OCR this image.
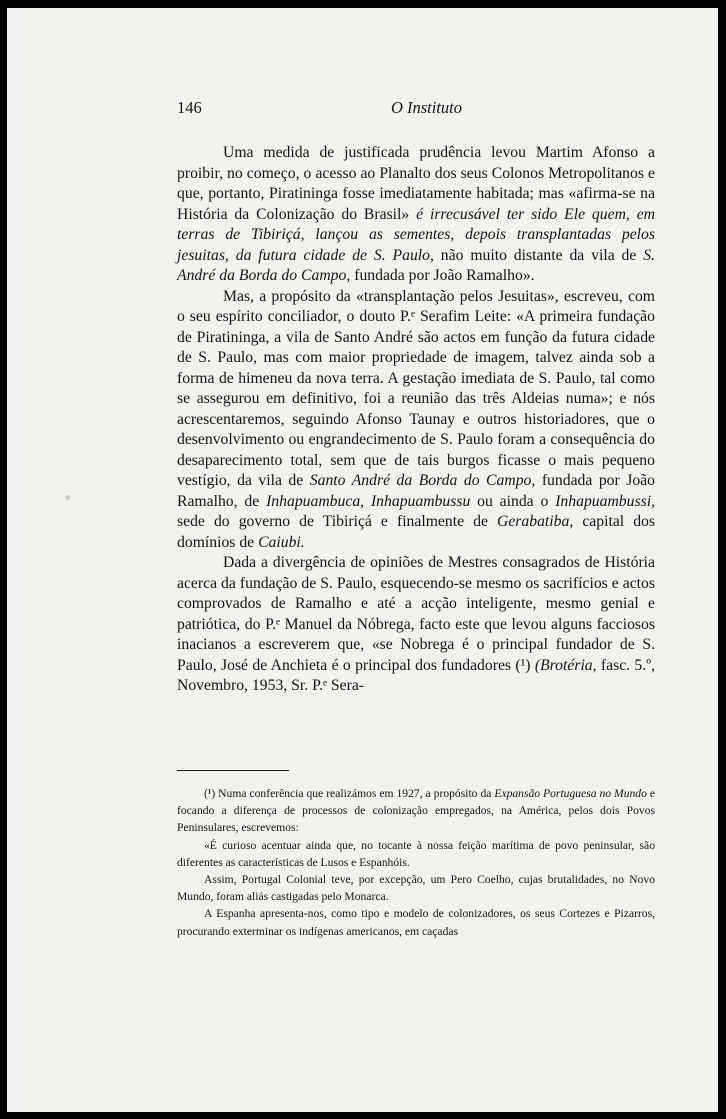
146	O Instituto

Uma medida de justificada prudência levou Martim Afonso a proibir, no começo, o acesso ao Planalto dos seus Colonos Metropolitanos e que, portanto, Piratininga fosse imediatamente habitada; mas «afirma-se na História da Colonização do Brasil» é irrecusável ter sido Ele quem, em terras de Tibiriçá, lançou as sementes, depois transplantadas pelos jesuitas, da futura cidade de S. Paulo, não muito distante da vila de S. André da Borda do Campo, fundada por João Ramalho».

Mas, a propósito da «transplantação pelos Jesuitas», escreveu, com o seu espírito conciliador, o douto P.ᵉ Serafim Leite: «A primeira fundação de Piratininga, a vila de Santo André são actos em função da futura cidade de S. Paulo, mas com maior propriedade de imagem, talvez ainda sob a forma de himeneu da nova terra. A gestação imediata de S. Paulo, tal como se assegurou em definitivo, foi a reunião das três Aldeias numa»; e nós acrescentaremos, seguindo Afonso Taunay e outros historiadores, que o desenvolvimento ou engrandecimento de S. Paulo foram a consequência do desaparecimento total, sem que de tais burgos ficasse o mais pequeno vestígio, da vila de Santo André da Borda do Campo, fundada por João Ramalho, de Inhapuambuca, Inhapuambussu ou ainda o Inhapuambussi, sede do governo de Tibiriçá e finalmente de Gerabatiba, capital dos domínios de Caiubi.

Dada a divergência de opiniões de Mestres consagrados de História acerca da fundação de S. Paulo, esquecendo-se mesmo os sacrifícios e actos comprovados de Ramalho e até a acção inteligente, mesmo genial e patriótica, do P.ᵉ Manuel da Nóbrega, facto este que levou alguns facciosos inacianos a escreverem que, «se Nobrega é o principal fundador de S. Paulo, José de Anchieta é o principal dos fundadores (¹) (Brotéria, fasc. 5.º, Novembro, 1953, Sr. P.ᵉ Sera-

(¹) Numa conferência que realizámos em 1927, a propósito da Expansão Portuguesa no Mundo e focando a diferença de processos de colonização empregados, na América, pelos dois Povos Peninsulares, escrevemos:

«É curioso acentuar ainda que, no tocante à nossa feição marítima de povo peninsular, são diferentes as características de Lusos e Espanhóis.

Assim, Portugal Colonial teve, por excepção, um Pero Coelho, cujas brutalidades, no Novo Mundo, foram aliás castigadas pelo Monarca.

A Espanha apresenta-nos, como tipo e modelo de colonizadores, os seus Cortezes e Pizarros, procurando exterminar os indígenas americanos, em caçadas
